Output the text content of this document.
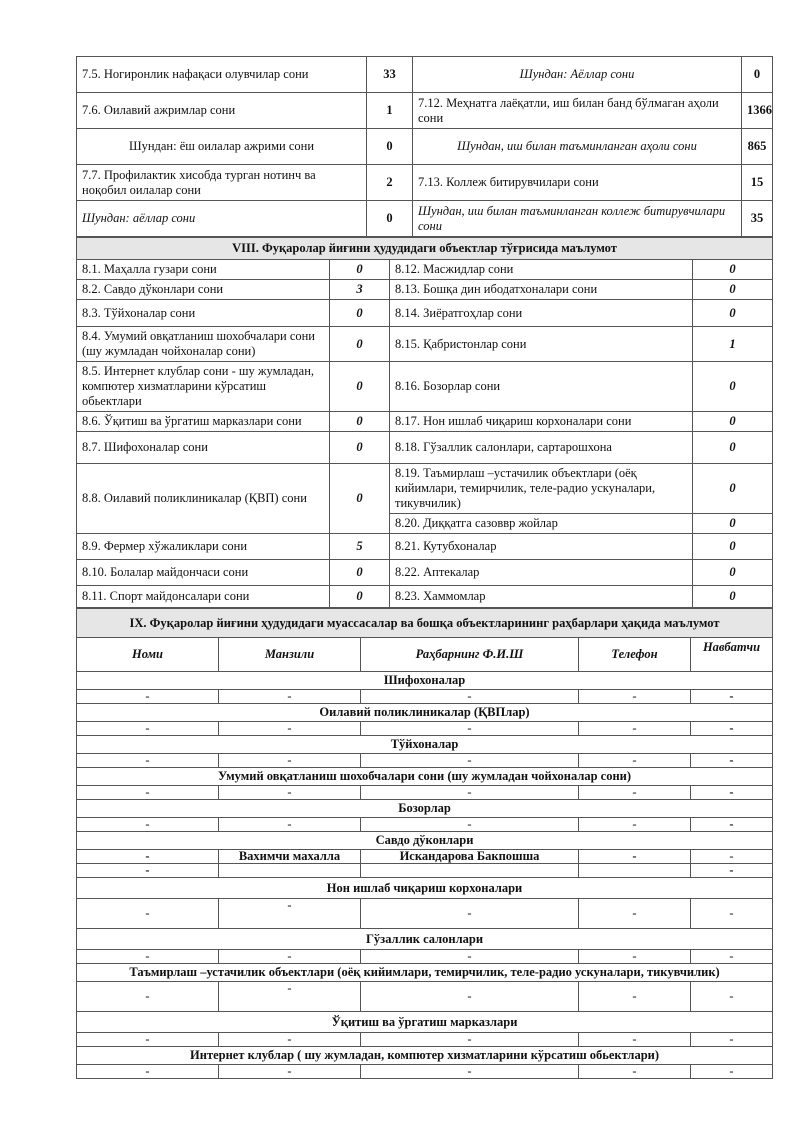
7.5. Ногиронлик нафақаси олувчилар сони	33	Шундан: Аёллар сони	0
7.6. Оилавий ажримлар сони	1	7.12. Меҳнатга лаёқатли, иш билан банд бўлмаган аҳоли сони	1366
Шундан: ёш оилалар ажрими сони	0	Шундан, иш билан таъминланган аҳоли сони	865
7.7. Профилактик хисобда турган нотинч ва ноқобил оилалар сони	2	7.13. Коллеж битирувчилари сони	15
Шундан: аёллар сони	0	Шундан, иш билан таъминланган коллеж битирувчилари сони	35
VIII. Фуқаролар йиғини ҳудудидаги объектлар тўғрисида маълумот			
8.1. Маҳалла гузари сони	0	8.12. Масжидлар сони	0
8.2. Савдо дўконлари сони	3	8.13. Бошқа дин ибодатхоналари сони	0
8.3. Тўйхоналар сони	0	8.14. Зиёратгоҳлар сони	0
8.4. Умумий овқатланиш шохобчалари сони (шу жумладан чойхоналар сони)	0	8.15. Қабристонлар сони	1
8.5. Интернет клублар сони - шу жумладан, компютер хизматларини кўрсатиш обьектлари	0	8.16. Бозорлар сони	0
8.6. Ўқитиш ва ўргатиш марказлари сони	0	8.17. Нон ишлаб чиқариш корхоналари сони	0
8.7. Шифохоналар сони	0	8.18. Гўзаллик салонлари, сартарошхона	0
8.8. Оилавий поликлиникалар (ҚВП) сони	0	8.19. Таъмирлаш –устачилик объектлари (оёқ кийимлари, темирчилик, теле-радио ускуналари, тикувчилик)	0
		8.20. Диққатга сазоввр жойлар	0
8.9. Фермер хўжаликлари сони	5	8.21. Кутубхоналар	0
8.10. Болалар майдончаси сони	0	8.22. Аптекалар	0
8.11. Спорт майдонсалари сони	0	8.23. Хаммомлар	0
IX. Фуқаролар йиғини ҳудудидаги муассасалар ва бошқа объектларининг раҳбарлари ҳақида маълумот				
Номи	Манзили	Раҳбарнинг Ф.И.Ш	Телефон	Навбатчи
Шифохоналар				
-	-	-	-	-
Оилавий поликлиникалар (ҚВПлар)				
-	-	-	-	-
Тўйхоналар				
-	-	-	-	-
Умумий овқатланиш шохобчалари сони (шу жумладан чойхоналар сони)				
-	-	-	-	-
Бозорлар				
-	-	-	-	-
Савдо дўконлари				
-	Вахимчи махалла	Искандарова Бакпошша	-	-
-				-
Нон ишлаб чиқариш корхоналари				
-	-	-	-	-
Гўзаллик салонлари				
-	-	-	-	-
Таъмирлаш –устачилик объектлари (оёқ кийимлари, темирчилик, теле-радио ускуналари, тикувчилик)				
-	-	-	-	-
Ўқитиш ва ўргатиш марказлари				
-	-	-	-	-
Интернет клублар ( шу жумладан, компютер хизматларини кўрсатиш обьектлари)				
-	-	-	-	-
